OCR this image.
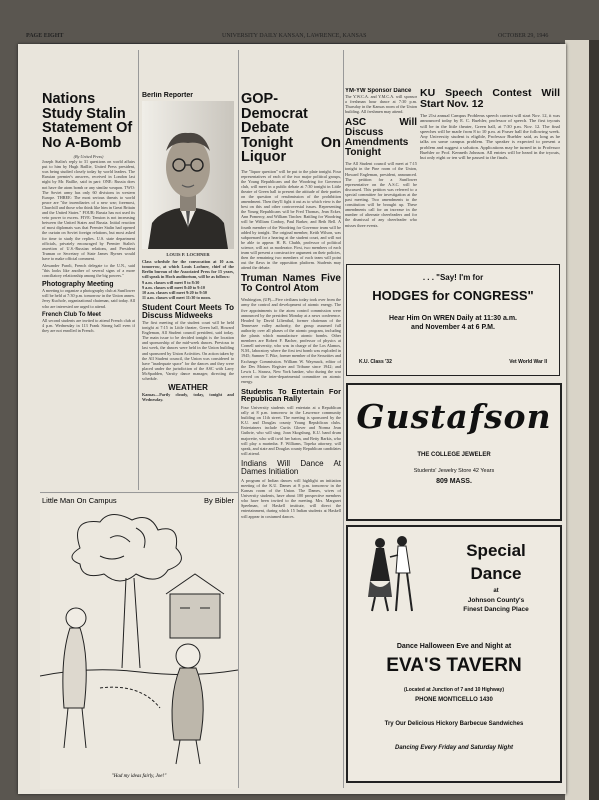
PAGE EIGHT	UNIVERSITY DAILY KANSAN, LAWRENCE, KANSAS	OCTOBER 29, 1946
Nations Study Stalin Statement Of No A-Bomb
(By United Press)
Joseph Stalin's reply to 31 questions on world affairs put to him by Hugh Baillie, United Press president, was being studied closely today by world leaders. The Russian premier's answers, received in London last night by Mr. Baillie, said in part: ONE: Russia does not have the atom bomb or any similar weapon. TWO: The Soviet army has only 60 divisions in western Europe. THREE: The most serious threats to world peace are "the incendiaries of a new war; foremost, Churchill and those who think like him in Great Britain and the United States." FOUR: Russia has not used its veto power to excess. FIVE: Tension is not increasing between the United States and Russia. Initial reaction of most diplomats was that Premier Stalin had opened the curtain on Soviet foreign relations, but most asked for time to study the replies. U.S. state department officials, privately encouraged by Premier Stalin's assertion of U.S.-Russian relations, and President Truman or Secretary of State James Byrnes would have to make official comment.
Alexander Paroli, French delegate to the U.N., said "this looks like another of several signs of a more conciliatory relationship among the big powers."
Photography Meeting
A meeting to organize a photography club at Sunflower will be held at 7:30 p.m. tomorrow in the Union annex. Jerry Kuchole, organizational chairman, said today. All who are interested are urged to attend.
French Club To Meet
All second students are invited to attend French club at 4 p.m. Wednesday in 113 Frank Strong hall even if they are not enrolled in French.
Berlin Reporter
LOUIS P. LOCHNER
Class schedule for the convocation at 10 a.m. tomorrow, at which Louis Lochner, chief of the Berlin bureau of the Associated Press for 15 years, will speak in Hoch auditorium, will be as follows:
9 a.m. classes will meet 8 to 8:30
9 a.m. classes will meet 8:40 to 9:10
10 a.m. classes will meet 9:20 to 9:50
11 a.m. classes will meet 11:30 to noon.
Student Court Meets To Discuss Midweeks
The first meeting of the student court will be held tonight at 7:15 in Little theater, Green hall, Howard Engleman, All Student council president, said today. The main issue to be decided tonight is the location and sponsorship of the mid-week dances. Previous to last week, the dances were held in the Union building and sponsored by Union Activities. On action taken by the All Student council, the Union was considered to have "inadequate space" for the dances and they were placed under the jurisdiction of the ASC with Larry McSpadden, Varsity dance manager, directing the schedule.
WEATHER
Kansas—Partly cloudy, today, tonight and Wednesday.
GOP-Democrat Debate Tonight On Liquor
The "liquor question" will be put to the plate tonight. Four representatives of each of the two major political groups, the Young Republicans and the Woodring for Governor club, will meet in a public debate at 7:30 tonight in Little theatre of Green hall to present the attitude of their parties on the question of resubmission of the prohibition amendment. Then they'll fight it out as to which view is the best on this and other controversial issues. Representing the Young Republicans will be Fred Thomas, Jean Ecker, Ann Pomeroy, and William Tincher. Battling for Woodring will be William Conboy, Paul Barker, and Beth Bell. A fourth member of the Woodring for Governor team will be added by tonight. The original member, Keith Wilson, was subpoenaed for a hearing at the student court, and will not be able to appear. H. B. Chubb, professor of political science, will act as moderator. First, two members of each team will present a constructive argument on their policies, then the remaining two members of each team will point out the flaws in the opposition platform. Students may attend the debate.
Truman Names Five To Control Atom
Washington, (UP)—Five civilians today took over from the army the control and development of atomic energy. The five appointments to the atom control commission were announced by the president Monday at a news conference. Headed by David Lilienthal, former chairman of the Tennessee valley authority, the group assumed full authority over all phases of the atomic program, including the plants which manufacture atomic bombs. Other members are Robert F. Bacher, professor of physics at Cornell university, who was in charge of the Los Alamos, N.M., laboratory where the first test bomb was exploded in 1945; Sumner T. Pike, former member of the Securities and Exchange Commission. William W. Waymack, editor of the Des Moines Register and Tribune since 1942; and Lewis L. Strauss, New York banker, who during the war served on the inter-departmental committee on atomic energy.
Students To Entertain For Republican Rally
Four University students will entertain at a Republican rally at 8 p.m. tomorrow in the Lawrence community building on 11th street. The meeting is sponsored by the K.U. and Douglas county Young Republican clubs. Entertainers include Curtis Glover and Norma Jean Guthrie, who will sing; Joan Skogsburg, K.U. band drum majorette, who will twirl her baton, and Betty Barkis, who will play a marimba. F. Williams, Topeka attorney, will speak, and state and Douglas county Republican candidates will attend.
Indians Will Dance At Dames Initiation
A program of Indian dances will highlight an initiation meeting of the K.U. Dames at 8 p.m. tomorrow in the Kansas room of the Union. The Dames, wives of University students, have about 100 prospective members who have been invited to the meeting. Mrs. Margaret Speelman, of Haskell institute, will direct the entertainment, during which 15 Indian students at Haskell will appear in costumed dances.
YM-YW Sponsor Dance
The Y.W.C.A. and Y.M.C.A. will sponsor a freshman hour dance at 7:30 p.m. Thursday in the Kansas room of the Union building. All freshmen may attend.
ASC Will Discuss Amendments Tonight
The All Student council will meet at 7:15 tonight in the Pine room of the Union, Howard Engleman, president, announced. The petition for a Sunflower representative on the A.S.C. will be discussed. This petition was referred to a special committee for investigation at the past meeting. Two amendments to the constitution will be brought up. These amendments call for an increase in the number of alternate cheerleaders and for the dismissal of any cheerleader who misses three events.
KU Speech Contest Will Start Nov. 12
The 21st annual Campus Problems speech contest will start Nov. 12, it was announced today by E. C. Buehler, professor of speech. The first tryouts will be in the little theater, Green hall, at 7:30 p.m. Nov. 12. The final speeches will be made from 8 to 10 p.m. at Fraser hall the following week. Any University student is eligible, Professor Buehler said, as long as he talks on some campus problem. The speaker is expected to present a problem and suggest a solution. Applications may be turned in to Professor Buehler or Prof. Kenneth Johnson. All entries will be heard in the tryouts, but only eight or ten will be passed to the finals.
. . . "Say! I'm for
HODGES for CONGRESS"
Hear Him On WREN Daily at 11:30 a.m.
and November 4 at 6 P.M.
K.U. Class '32	Vet World War II
Gustafson
THE COLLEGE JEWELER
Students' Jewelry Store 42 Years
809 MASS.
Special
Dance
at
Johnson County's
Finest Dancing Place
Dance Halloween Eve and Night at
EVA'S TAVERN
(Located at Junction of 7 and 10 Highway)
PHONE MONTICELLO 1430
Try Our Delicious Hickory Barbecue Sandwiches
Dancing Every Friday and Saturday Night
Little Man On Campus	By Bibler
"Had my ideas fairly, Joe!"
